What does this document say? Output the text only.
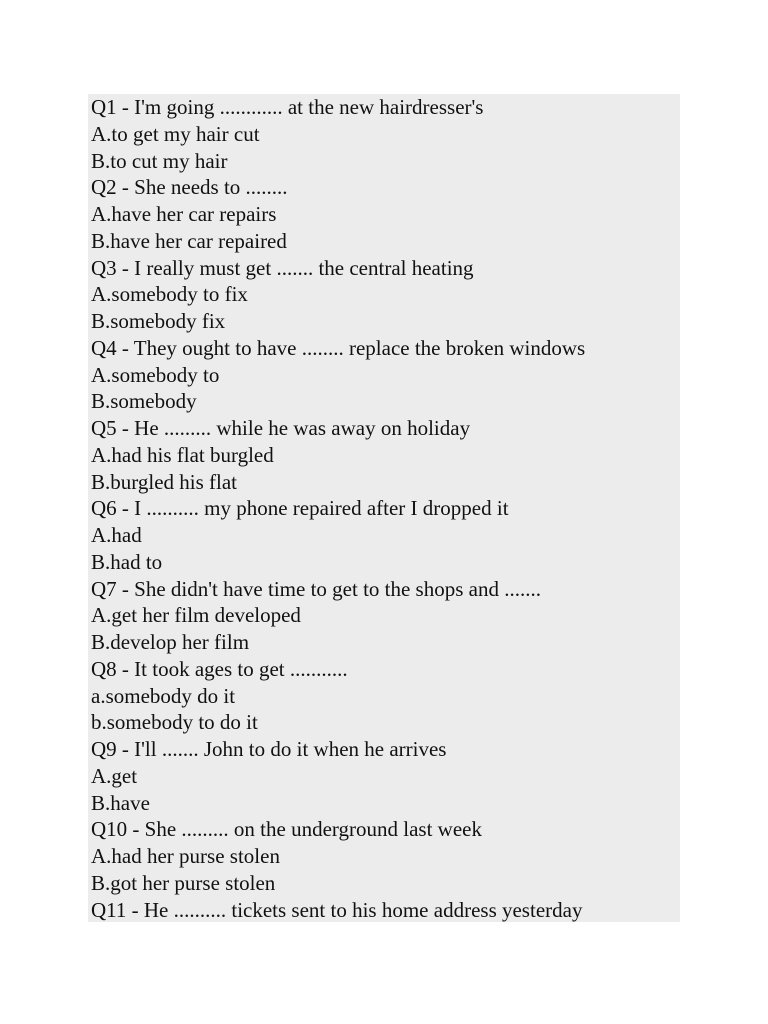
Q1 - I'm going ............ at the new hairdresser's
A.to get my hair cut
B.to cut my hair
Q2 - She needs to ........
A.have her car repairs
B.have her car repaired
Q3 - I really must get ....... the central heating
A.somebody to fix
B.somebody fix
Q4 - They ought to have ........ replace the broken windows
A.somebody to
B.somebody
Q5 - He ......... while he was away on holiday
A.had his flat burgled
B.burgled his flat
Q6 - I .......... my phone repaired after I dropped it
A.had
B.had to
Q7 - She didn't have time to get to the shops and .......
A.get her film developed
B.develop her film
Q8 - It took ages to get ...........
a.somebody do it
b.somebody to do it
Q9 - I'll ....... John to do it when he arrives
A.get
B.have
Q10 - She ......... on the underground last week
A.had her purse stolen
B.got her purse stolen
Q11 - He .......... tickets sent to his home address yesterday
